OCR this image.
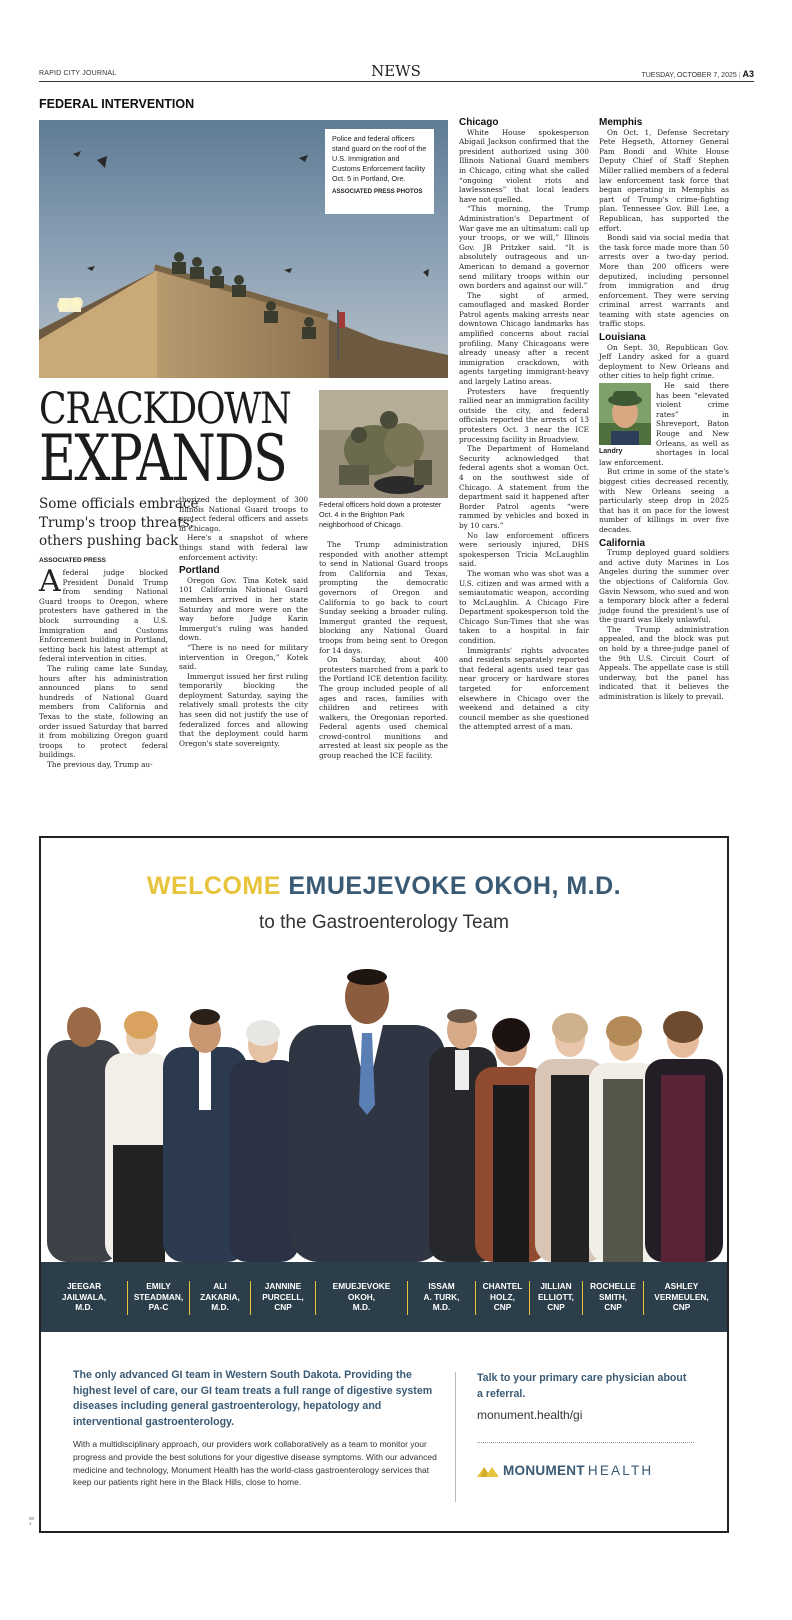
RAPID CITY JOURNAL	NEWS	TUESDAY, OCTOBER 7, 2025 | A3
FEDERAL INTERVENTION
Police and federal officers stand guard on the roof of the U.S. Immigration and Customs Enforcement facility Oct. 5 in Portland, Ore.
ASSOCIATED PRESS PHOTOS
CRACKDOWN
EXPANDS
Federal officers hold down a protester Oct. 4 in the Brighton Park neighborhood of Chicago.
Some officials embrace
Trump's troop threats;
others pushing back
ASSOCIATED PRESS

Afederal judge blocked President Donald Trump from sending National Guard troops to Oregon, where protesters have gathered in the block surrounding a U.S. Immigration and Customs Enforcement building in Portland, setting back his latest attempt at federal intervention in cities.

The ruling came late Sunday, hours after his administration announced plans to send hundreds of National Guard members from California and Texas to the state, following an order issued Saturday that barred it from mobilizing Oregon guard troops to protect federal buildings.

The previous day, Trump au-

thorized the deployment of 300 Illinois National Guard troops to protect federal officers and assets in Chicago.

Here's a snapshot of where things stand with federal law enforcement activity:

Portland

Oregon Gov. Tina Kotek said 101 California National Guard members arrived in her state Saturday and more were on the way before Judge Karin Immergut's ruling was handed down.

“There is no need for military intervention in Oregon,” Kotek said.

Immergut issued her first ruling temporarily blocking the deployment Saturday, saying the relatively small protests the city has seen did not justify the use of federalized forces and allowing that the deployment could harm Oregon's state sovereignty.

The Trump administration responded with another attempt to send in National Guard troops from California and Texas, prompting the democratic governors of Oregon and California to go back to court Sunday seeking a broader ruling. Immergut granted the request, blocking any National Guard troops from being sent to Oregon for 14 days.

On Saturday, about 400 protesters marched from a park to the Portland ICE detention facility. The group included people of all ages and races, families with children and retirees with walkers, the Oregonian reported. Federal agents used chemical crowd-control munitions and arrested at least six people as the group reached the ICE facility.

Chicago

White House spokesperson Abigail Jackson confirmed that the president authorized using 300 Illinois National Guard members in Chicago, citing what she called “ongoing violent riots and lawlessness” that local leaders have not quelled.

“This morning, the Trump Administration's Department of War gave me an ultimatum: call up your troops, or we will,” Illinois Gov. JB Pritzker said. “It is absolutely outrageous and un-American to demand a governor send military troops within our own borders and against our will.”

The sight of armed, camouflaged and masked Border Patrol agents making arrests near downtown Chicago landmarks has amplified concerns about racial profiling. Many Chicagoans were already uneasy after a recent immigration crackdown, with agents targeting immigrant-heavy and largely Latino areas.

Protesters have frequently rallied near an immigration facility outside the city, and federal officials reported the arrests of 13 protesters Oct. 3 near the ICE processing facility in Broadview.

The Department of Homeland Security acknowledged that federal agents shot a woman Oct. 4 on the southwest side of Chicago. A statement from the department said it happened after Border Patrol agents “were rammed by vehicles and boxed in by 10 cars.”

No law enforcement officers were seriously injured, DHS spokesperson Tricia McLaughlin said.

The woman who was shot was a U.S. citizen and was armed with a semiautomatic weapon, according to McLaughlin. A Chicago Fire Department spokesperson told the Chicago Sun-Times that she was taken to a hospital in fair condition.

Immigrants' rights advocates and residents separately reported that federal agents used tear gas near grocery or hardware stores targeted for enforcement elsewhere in Chicago over the weekend and detained a city council member as she questioned the attempted arrest of a man.

Memphis

On Oct. 1, Defense Secretary Pete Hegseth, Attorney General Pam Bondi and White House Deputy Chief of Staff Stephen Miller rallied members of a federal law enforcement task force that began operating in Memphis as part of Trump's crime-fighting plan. Tennessee Gov. Bill Lee, a Republican, has supported the effort.

Bondi said via social media that the task force made more than 50 arrests over a two-day period. More than 200 officers were deputized, including personnel from immigration and drug enforcement. They were serving criminal arrest warrants and teaming with state agencies on traffic stops.

Louisiana

On Sept. 30, Republican Gov. Jeff Landry asked for a guard deployment to New Orleans and other cities to help fight crime.

Landry

He said there has been “elevated violent crime rates” in Shreveport, Baton Rouge and New Orleans, as well as shortages in local law enforcement.

But crime in some of the state's biggest cities decreased recently, with New Orleans seeing a particularly steep drop in 2025 that has it on pace for the lowest number of killings in over five decades.

California

Trump deployed guard soldiers and active duty Marines in Los Angeles during the summer over the objections of California Gov. Gavin Newsom, who sued and won a temporary block after a federal judge found the president's use of the guard was likely unlawful.

The Trump administration appealed, and the block was put on hold by a three-judge panel of the 9th U.S. Circuit Court of Appeals. The appellate case is still underway, but the panel has indicated that it believes the administration is likely to prevail.

WELCOME EMUEJEVOKE OKOH, M.D.
to the Gastroenterology Team
JEEGAR
JAILWALA,
M.D.
EMILY
STEADMAN,
PA-C
ALI
ZAKARIA,
M.D.
JANNINE
PURCELL,
CNP
EMUEJEVOKE
OKOH,
M.D.
ISSAM
A. TURK,
M.D.
CHANTEL
HOLZ,
CNP
JILLIAN
ELLIOTT,
CNP
ROCHELLE
SMITH,
CNP
ASHLEY
VERMEULEN,
CNP
The only advanced GI team in Western South Dakota. Providing the highest level of care, our GI team treats a full range of digestive system diseases including general gastroenterology, hepatology and interventional gastroenterology.
With a multidisciplinary approach, our providers work collaboratively as a team to monitor your progress and provide the best solutions for your digestive disease symptoms. With our advanced medicine and technology, Monument Health has the world-class gastroenterology services that keep our patients right here in the Black Hills, close to home.
Talk to your primary care physician about a referral.
monument.health/gi
MONUMENT HEALTH
00
1
